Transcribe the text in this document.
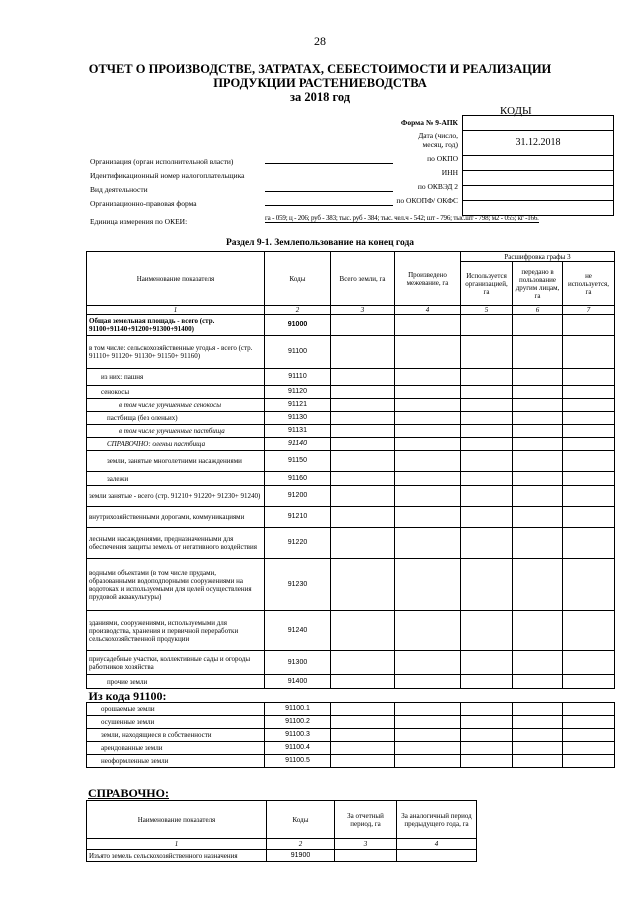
28
ОТЧЕТ О ПРОИЗВОДСТВЕ, ЗАТРАТАХ, СЕБЕСТОИМОСТИ И РЕАЛИЗАЦИИ
ПРОДУКЦИИ РАСТЕНИЕВОДСТВА
за 2018 год
КОДЫ
31.12.2018
Форма № 9-АПК
Дата (число,
месяц, год)
по ОКПО
ИНН
по ОКВЭД 2
по ОКОПФ/ ОКФС
Организация (орган исполнительной власти)
Идентификационный номер налогоплательщика
Вид деятельности
Организационно-правовая форма
Единица измерения по ОКЕИ:	га - 059; ц - 206; руб - 383; тыс. руб - 384; тыс. чел.ч - 542; шт - 796; тыс.шт - 798; м2 - 055; кг -166.
Раздел 9-1. Землепользование на конец года
Наименование показателя	Коды	Всего земли, га	Произведено межевание, га	Расшифровка графы 3		
				Используется организацией, га	передано в пользование другим лицам, га	не используется, га
1	2	3	4	5	6	7
Общая земельная площадь - всего (стр. 91100+91140+91200+91300+91400)	91000					
в том числе: сельскохозяйственные угодья - всего (стр. 91110+ 91120+ 91130+ 91150+ 91160)	91100					
из них: пашня	91110					
сенокосы	91120					
в том числе улучшенные сенокосы	91121					
пастбища (без оленьих)	91130					
в том числе улучшенные пастбища	91131					
СПРАВОЧНО: оленьи пастбища	91140					
земли, занятые многолетними насаждениями	91150					
залежи	91160					
земли занятые - всего (стр. 91210+ 91220+ 91230+ 91240)	91200					
внутрихозяйственными дорогами, коммуникациями	91210					
лесными насаждениями, предназначенными для обеспечения защиты земель от негативного воздействия	91220					
водными объектами (в том числе прудами, образованными водоподпорными сооружениями на водотоках и используемыми для целей осуществления прудовой аквакультуры)	91230					
зданиями, сооружениями, используемыми для производства, хранения и первичной переработки сельскохозяйственной продукции	91240					
приусадебные участки, коллективные сады и огороды работников хозяйства	91300					
прочие земли	91400					
Из кода 91100:						
орошаемые земли	91100.1					
осушенные земли	91100.2					
земли, находящиеся в собственности	91100.3					
арендованные земли	91100.4					
неоформленные земли	91100.5					
СПРАВОЧНО:
Наименование показателя	Коды	За отчетный период, га	За аналогичный период предыдущего года, га
1	2	3	4
Изъято земель сельскохозяйственного назначения	91900		
